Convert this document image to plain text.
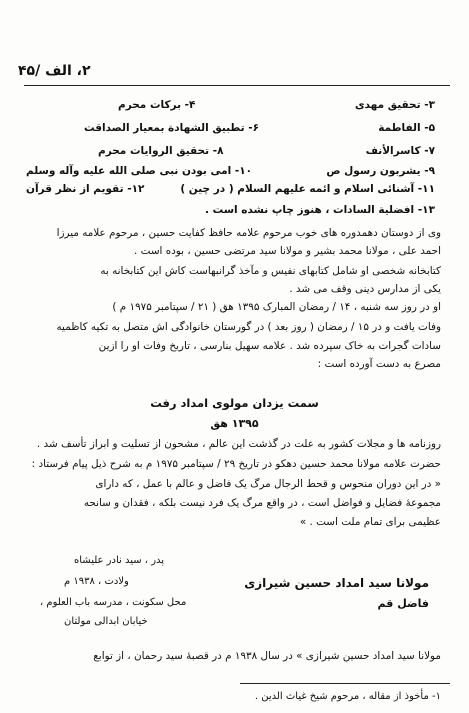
۲، الف /۴۵
۳- تحقیق مهدی
۵- الفاطمة
۷- کاسرالأنف
۹- یشربون رسول ص
۱۱- آشنائی اسلام و ائمه علیهم السلام ( در چین )
۱۳- افضلیة السادات ، هنوز چاپ نشده است .
۴- برکات محرم
۶- تطبیق الشهادة بمعیار الصداقت
۸- تحقیق الروایات محرم
۱۰- امی بودن نبی صلی الله علیه وآله وسلم
۱۲- تقویم از نظر قرآن
وی از دوستان دهمدوره های خوب مرحوم علامه حافظ کفایت حسین ، مرحوم علامه میرزا
احمد علی ، مولانا محمد بشیر و مولانا سید مرتضی حسین ، بوده است .
کتابخانه شخصی او شامل کتابهای نفیس و مآخذ گرانبهاست کاش این کتابخانه به
یکی از مدارس دینی وقف می شد .
او در روز سه شنبه ، ۱۴ / رمضان المبارک ۱۳۹۵ هق ( ۲۱ / سپتامبر ۱۹۷۵ م )
وفات یافت و در ۱۵ / رمضان ( روز بعد ) در گورستان خانوادگی اش متصل به تکیه کاظمیه
سادات گجرات به خاک سپرده شد . علامه سهیل بنارسی ، تاریخ وفات او را ازین
مصرع به دست آورده است :
سمت یزدان مولوی امداد رفت
۱۳۹۵ هق
روزنامه ها و مجلات کشور به علت در گذشت این عالم ، مشحون از تسلیت و ابراز تأسف شد .
حضرت علامه مولانا محمد حسین دهکو در تاریخ ۲۹ / سپتامبر ۱۹۷۵ م به شرح ذیل پیام فرستاد :
« در این دوران منحوس و قحط الرجال مرگ یک فاضل و عالم با عمل ، که دارای
مجموعهٔ فضایل و فواضل است ، در واقع مرگ یک فرد نیست بلکه ، فقدان و سانحه
عظیمی برای تمام ملت است . »
مولانا سید امداد حسین شیرازی
فاضل قم
پدر ، سید نادر علیشاه
ولادت ، ۱۹۳۸ م
محل سکونت ، مدرسه باب العلوم ،
خیابان ابدالی مولتان
مولانا سید امداد حسین شیرازی » در سال ۱۹۳۸ م در قصبهٔ سید رحمان ، از توابع
۱- مأخوذ از مقاله ، مرحوم شیخ غیاث الدین .
